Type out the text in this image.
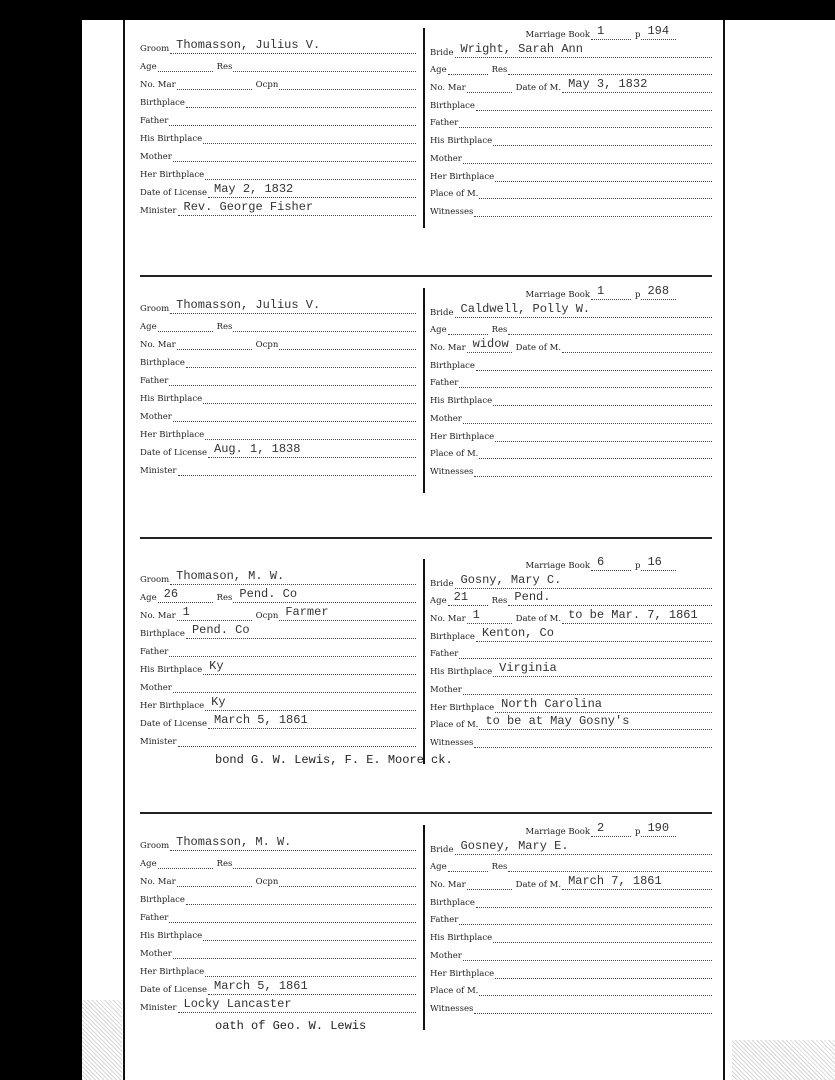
Groom Thomasson, Julius V.
Age	Res
No. Mar	Ocpn
Birthplace
Father
His Birthplace
Mother
Her Birthplace
Date of License May 2, 1832
Minister Rev. George Fisher
Marriage Book 1	p 194
Bride Wright, Sarah Ann
Age	Res
No. Mar	Date of M. May 3, 1832
Birthplace
Father
His Birthplace
Mother
Her Birthplace
Place of M.
Witnesses
Groom Thomasson, Julius V.
Age	Res
No. Mar	Ocpn
Birthplace
Father
His Birthplace
Mother
Her Birthplace
Date of License Aug. 1, 1838
Minister
Marriage Book 1	p 268
Bride Caldwell, Polly W.
Age	Res
No. Mar widow Date of M.
Birthplace
Father
His Birthplace
Mother
Her Birthplace
Place of M.
Witnesses
Groom Thomason, M. W.
Age 26	Res Pend. Co
No. Mar 1	Ocpn Farmer
Birthplace Pend. Co
Father
His Birthplace Ky
Mother
Her Birthplace Ky
Date of License March 5, 1861
Minister
Marriage Book 6	p 16
Bride Gosny, Mary C.
Age 21	Res Pend.
No. Mar 1	Date of M. to be Mar. 7, 1861
Birthplace Kenton, Co
Father
His Birthplace Virginia
Mother
Her Birthplace North Carolina
Place of M. to be at May Gosny's
Witnesses
bond G. W. Lewis, F. E. Moore ck.
Groom Thomasson, M. W.
Age	Res
No. Mar	Ocpn
Birthplace
Father
His Birthplace
Mother
Her Birthplace
Date of License March 5, 1861
Minister Locky Lancaster
Marriage Book 2	p 190
Bride Gosney, Mary E.
Age	Res
No. Mar	Date of M. March 7, 1861
Birthplace
Father
His Birthplace
Mother
Her Birthplace
Place of M.
Witnesses
oath of Geo. W. Lewis
